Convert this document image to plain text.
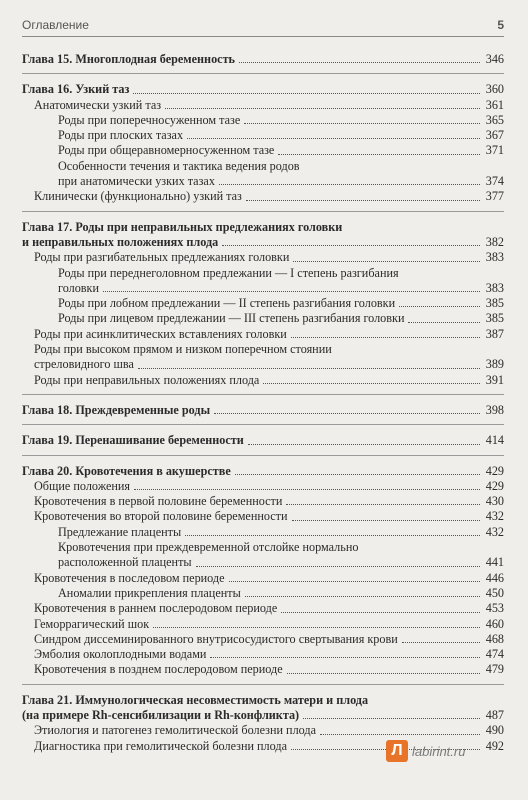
Оглавление	5
Глава 15. Многоплодная беременность	346
Глава 16. Узкий таз	360
Анатомически узкий таз	361
Роды при поперечносуженном тазе	365
Роды при плоских тазах	367
Роды при общеравномерносуженном тазе	371
Особенности течения и тактика ведения родов
при анатомически узких тазах	374
Клинически (функционально) узкий таз	377
Глава 17. Роды при неправильных предлежаниях головки
и неправильных положениях плода	382
Роды при разгибательных предлежаниях головки	383
Роды при переднеголовном предлежании — I степень разгибания
головки	383
Роды при лобном предлежании — II степень разгибания головки	385
Роды при лицевом предлежании — III степень разгибания головки	385
Роды при асинклитических вставлениях головки	387
Роды при высоком прямом и низком поперечном стоянии
стреловидного шва	389
Роды при неправильных положениях плода	391
Глава 18. Преждевременные роды	398
Глава 19. Перенашивание беременности	414
Глава 20. Кровотечения в акушерстве	429
Общие положения	429
Кровотечения в первой половине беременности	430
Кровотечения во второй половине беременности	432
Предлежание плаценты	432
Кровотечения при преждевременной отслойке нормально
расположенной плаценты	441
Кровотечения в последовом периоде	446
Аномалии прикрепления плаценты	450
Кровотечения в раннем послеродовом периоде	453
Геморрагический шок	460
Синдром диссеминированного внутрисосудистого свертывания крови	468
Эмболия околоплодными водами	474
Кровотечения в позднем послеродовом периоде	479
Глава 21. Иммунологическая несовместимость матери и плода
(на примере Rh-сенсибилизации и Rh-конфликта)	487
Этиология и патогенез гемолитической болезни плода	490
Диагностика при гемолитической болезни плода	492
Л labirint.ru
